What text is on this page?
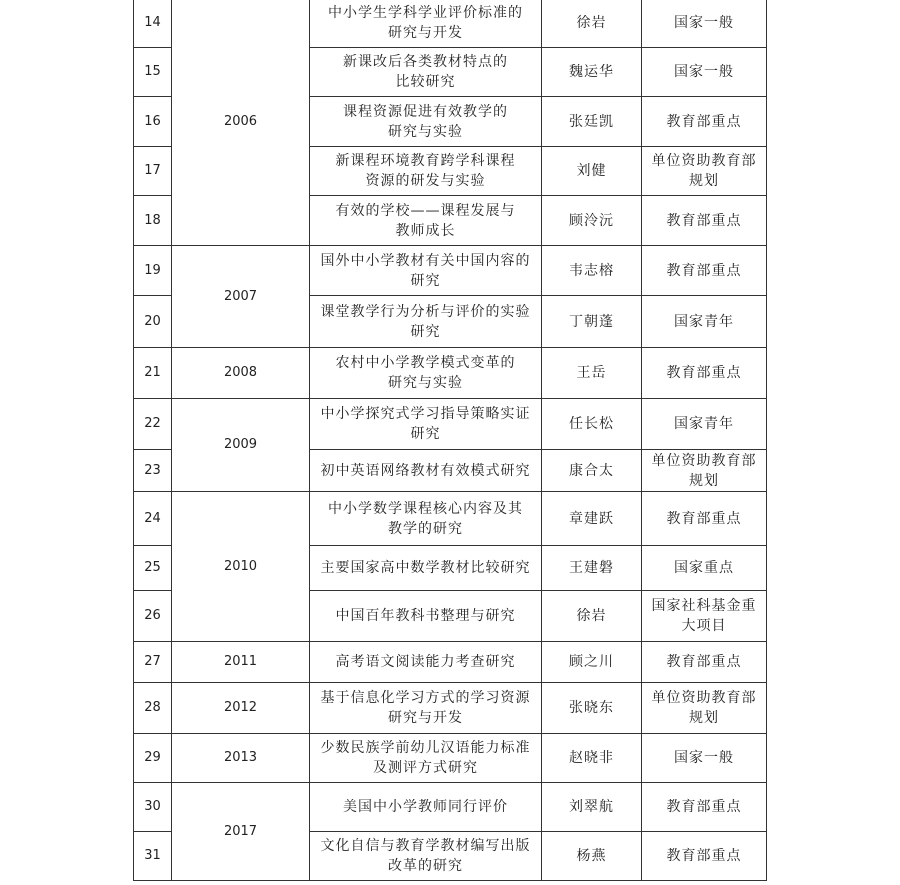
14	2006	中小学生学科学业评价标准的
研究与开发	徐岩	国家一般
15		新课改后各类教材特点的
比较研究	魏运华	国家一般
16		课程资源促进有效教学的
研究与实验	张廷凯	教育部重点
17		新课程环境教育跨学科课程
资源的研发与实验	刘健	单位资助教育部规划
18		有效的学校——课程发展与
教师成长	顾泠沅	教育部重点
19	2007	国外中小学教材有关中国内容的
研究	韦志榕	教育部重点
20		课堂教学行为分析与评价的实验
研究	丁朝蓬	国家青年
21	2008	农村中小学教学模式变革的
研究与实验	王岳	教育部重点
22	2009	中小学探究式学习指导策略实证
研究	任长松	国家青年
23		初中英语网络教材有效模式研究	康合太	单位资助教育部规划
24	2010	中小学数学课程核心内容及其
教学的研究	章建跃	教育部重点
25		主要国家高中数学教材比较研究	王建磐	国家重点
26		中国百年教科书整理与研究	徐岩	国家社科基金重大项目
27	2011	高考语文阅读能力考查研究	顾之川	教育部重点
28	2012	基于信息化学习方式的学习资源
研究与开发	张晓东	单位资助教育部规划
29	2013	少数民族学前幼儿汉语能力标准
及测评方式研究	赵晓非	国家一般
30	2017	美国中小学教师同行评价	刘翠航	教育部重点
31		文化自信与教育学教材编写出版
改革的研究	杨燕	教育部重点
